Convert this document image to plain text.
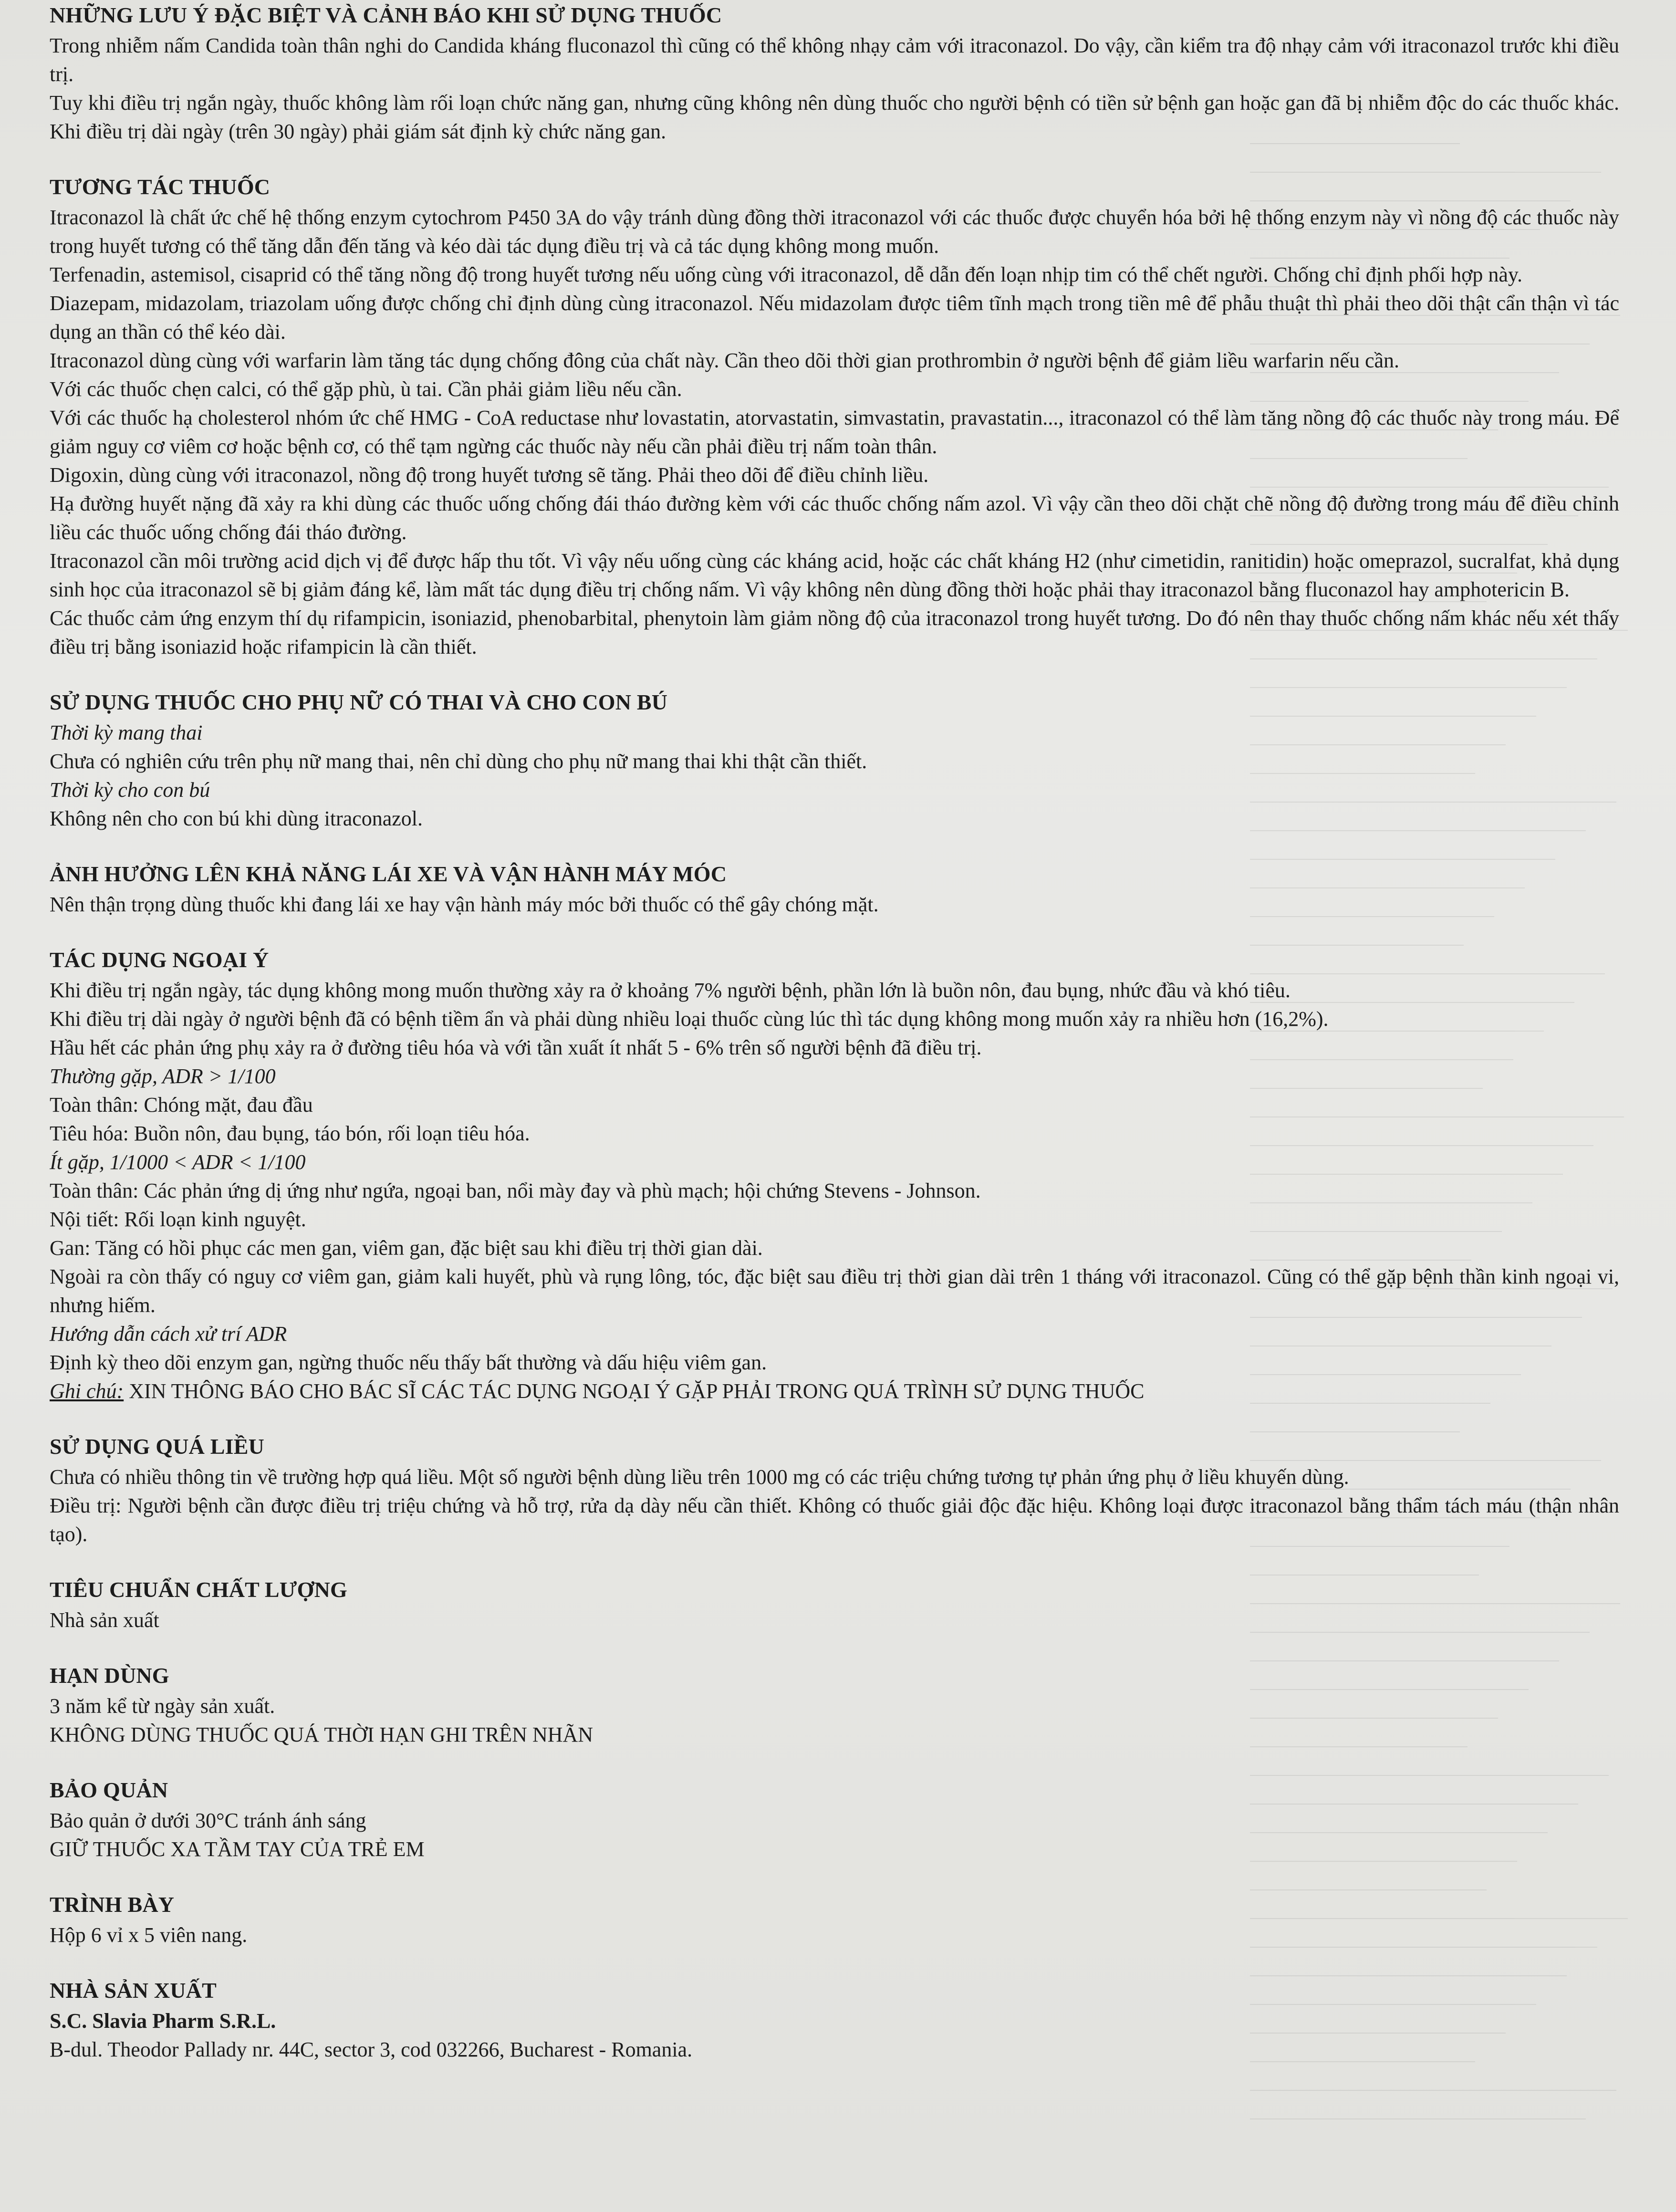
NHỮNG LƯU Ý ĐẶC BIỆT VÀ CẢNH BÁO KHI SỬ DỤNG THUỐC

Trong nhiễm nấm Candida toàn thân nghi do Candida kháng fluconazol thì cũng có thể không nhạy cảm với itraconazol. Do vậy, cần kiểm tra độ nhạy cảm với itraconazol trước khi điều trị.

Tuy khi điều trị ngắn ngày, thuốc không làm rối loạn chức năng gan, nhưng cũng không nên dùng thuốc cho người bệnh có tiền sử bệnh gan hoặc gan đã bị nhiễm độc do các thuốc khác. Khi điều trị dài ngày (trên 30 ngày) phải giám sát định kỳ chức năng gan.

TƯƠNG TÁC THUỐC

Itraconazol là chất ức chế hệ thống enzym cytochrom P450 3A do vậy tránh dùng đồng thời itraconazol với các thuốc được chuyển hóa bởi hệ thống enzym này vì nồng độ các thuốc này trong huyết tương có thể tăng dẫn đến tăng và kéo dài tác dụng điều trị và cả tác dụng không mong muốn.

Terfenadin, astemisol, cisaprid có thể tăng nồng độ trong huyết tương nếu uống cùng với itraconazol, dễ dẫn đến loạn nhịp tim có thể chết người. Chống chỉ định phối hợp này.

Diazepam, midazolam, triazolam uống được chống chỉ định dùng cùng itraconazol. Nếu midazolam được tiêm tĩnh mạch trong tiền mê để phẫu thuật thì phải theo dõi thật cẩn thận vì tác dụng an thần có thể kéo dài.

Itraconazol dùng cùng với warfarin làm tăng tác dụng chống đông của chất này. Cần theo dõi thời gian prothrombin ở người bệnh để giảm liều warfarin nếu cần.

Với các thuốc chẹn calci, có thể gặp phù, ù tai. Cần phải giảm liều nếu cần.

Với các thuốc hạ cholesterol nhóm ức chế HMG - CoA reductase như lovastatin, atorvastatin, simvastatin, pravastatin..., itraconazol có thể làm tăng nồng độ các thuốc này trong máu. Để giảm nguy cơ viêm cơ hoặc bệnh cơ, có thể tạm ngừng các thuốc này nếu cần phải điều trị nấm toàn thân.

Digoxin, dùng cùng với itraconazol, nồng độ trong huyết tương sẽ tăng. Phải theo dõi để điều chỉnh liều.

Hạ đường huyết nặng đã xảy ra khi dùng các thuốc uống chống đái tháo đường kèm với các thuốc chống nấm azol. Vì vậy cần theo dõi chặt chẽ nồng độ đường trong máu để điều chỉnh liều các thuốc uống chống đái tháo đường.

Itraconazol cần môi trường acid dịch vị để được hấp thu tốt. Vì vậy nếu uống cùng các kháng acid, hoặc các chất kháng H2 (như cimetidin, ranitidin) hoặc omeprazol, sucralfat, khả dụng sinh học của itraconazol sẽ bị giảm đáng kể, làm mất tác dụng điều trị chống nấm. Vì vậy không nên dùng đồng thời hoặc phải thay itraconazol bằng fluconazol hay amphotericin B.

Các thuốc cảm ứng enzym thí dụ rifampicin, isoniazid, phenobarbital, phenytoin làm giảm nồng độ của itraconazol trong huyết tương. Do đó nên thay thuốc chống nấm khác nếu xét thấy điều trị bằng isoniazid hoặc rifampicin là cần thiết.

SỬ DỤNG THUỐC CHO PHỤ NỮ CÓ THAI VÀ CHO CON BÚ

Thời kỳ mang thai

Chưa có nghiên cứu trên phụ nữ mang thai, nên chỉ dùng cho phụ nữ mang thai khi thật cần thiết.

Thời kỳ cho con bú

Không nên cho con bú khi dùng itraconazol.

ẢNH HƯỞNG LÊN KHẢ NĂNG LÁI XE VÀ VẬN HÀNH MÁY MÓC

Nên thận trọng dùng thuốc khi đang lái xe hay vận hành máy móc bởi thuốc có thể gây chóng mặt.

TÁC DỤNG NGOẠI Ý

Khi điều trị ngắn ngày, tác dụng không mong muốn thường xảy ra ở khoảng 7% người bệnh, phần lớn là buồn nôn, đau bụng, nhức đầu và khó tiêu.

Khi điều trị dài ngày ở người bệnh đã có bệnh tiềm ẩn và phải dùng nhiều loại thuốc cùng lúc thì tác dụng không mong muốn xảy ra nhiều hơn (16,2%).

Hầu hết các phản ứng phụ xảy ra ở đường tiêu hóa và với tần xuất ít nhất 5 - 6% trên số người bệnh đã điều trị.

Thường gặp, ADR > 1/100

Toàn thân: Chóng mặt, đau đầu

Tiêu hóa: Buồn nôn, đau bụng, táo bón, rối loạn tiêu hóa.

Ít gặp, 1/1000 < ADR < 1/100

Toàn thân: Các phản ứng dị ứng như ngứa, ngoại ban, nổi mày đay và phù mạch; hội chứng Stevens - Johnson.

Nội tiết: Rối loạn kinh nguyệt.

Gan: Tăng có hồi phục các men gan, viêm gan, đặc biệt sau khi điều trị thời gian dài.

Ngoài ra còn thấy có nguy cơ viêm gan, giảm kali huyết, phù và rụng lông, tóc, đặc biệt sau điều trị thời gian dài trên 1 tháng với itraconazol. Cũng có thể gặp bệnh thần kinh ngoại vi, nhưng hiếm.

Hướng dẫn cách xử trí ADR

Định kỳ theo dõi enzym gan, ngừng thuốc nếu thấy bất thường và dấu hiệu viêm gan.

Ghi chú: XIN THÔNG BÁO CHO BÁC SĨ CÁC TÁC DỤNG NGOẠI Ý GẶP PHẢI TRONG QUÁ TRÌNH SỬ DỤNG THUỐC

SỬ DỤNG QUÁ LIỀU

Chưa có nhiều thông tin về trường hợp quá liều. Một số người bệnh dùng liều trên 1000 mg có các triệu chứng tương tự phản ứng phụ ở liều khuyến dùng.

Điều trị: Người bệnh cần được điều trị triệu chứng và hỗ trợ, rửa dạ dày nếu cần thiết. Không có thuốc giải độc đặc hiệu. Không loại được itraconazol bằng thẩm tách máu (thận nhân tạo).

TIÊU CHUẨN CHẤT LƯỢNG

Nhà sản xuất

HẠN DÙNG

3 năm kể từ ngày sản xuất.

KHÔNG DÙNG THUỐC QUÁ THỜI HẠN GHI TRÊN NHÃN

BẢO QUẢN

Bảo quản ở dưới 30°C tránh ánh sáng

GIỮ THUỐC XA TẦM TAY CỦA TRẺ EM

TRÌNH BÀY

Hộp 6 vỉ x 5 viên nang.

NHÀ SẢN XUẤT

S.C. Slavia Pharm S.R.L.

B-dul. Theodor Pallady nr. 44C, sector 3, cod 032266, Bucharest - Romania.
